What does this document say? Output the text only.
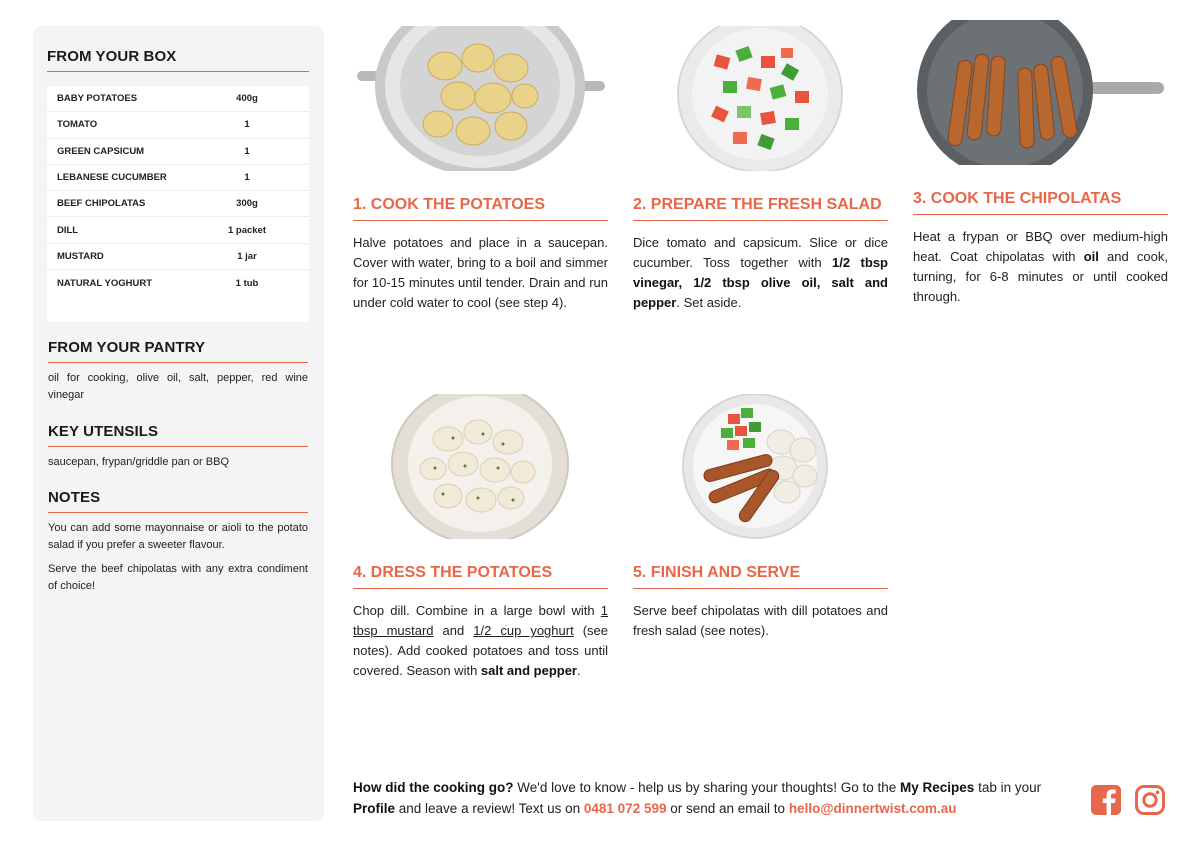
FROM YOUR BOX
BABY POTATOES	400g
TOMATO	1
GREEN CAPSICUM	1
LEBANESE CUCUMBER	1
BEEF CHIPOLATAS	300g
DILL	1 packet
MUSTARD	1 jar
NATURAL YOGHURT	1 tub
FROM YOUR PANTRY
oil for cooking, olive oil, salt, pepper, red wine vinegar
KEY UTENSILS
saucepan, frypan/griddle pan or BBQ
NOTES
You can add some mayonnaise or aioli to the potato salad if you prefer a sweeter flavour.
Serve the beef chipolatas with any extra condiment of choice!
1. COOK THE POTATOES
Halve potatoes and place in a saucepan. Cover with water, bring to a boil and simmer for 10-15 minutes until tender. Drain and run under cold water to cool (see step 4).
2. PREPARE THE FRESH SALAD
Dice tomato and capsicum. Slice or dice cucumber. Toss together with 1/2 tbsp vinegar, 1/2 tbsp olive oil, salt and pepper. Set aside.
3. COOK THE CHIPOLATAS
Heat a frypan or BBQ over medium-high heat. Coat chipolatas with oil and cook, turning, for 6-8 minutes or until cooked through.
4. DRESS THE POTATOES
Chop dill. Combine in a large bowl with 1 tbsp mustard and 1/2 cup yoghurt (see notes). Add cooked potatoes and toss until covered. Season with salt and pepper.
5. FINISH AND SERVE
Serve beef chipolatas with dill potatoes and fresh salad (see notes).
How did the cooking go? We'd love to know - help us by sharing your thoughts! Go to the My Recipes tab in your Profile and leave a review! Text us on 0481 072 599 or send an email to hello@dinnertwist.com.au
